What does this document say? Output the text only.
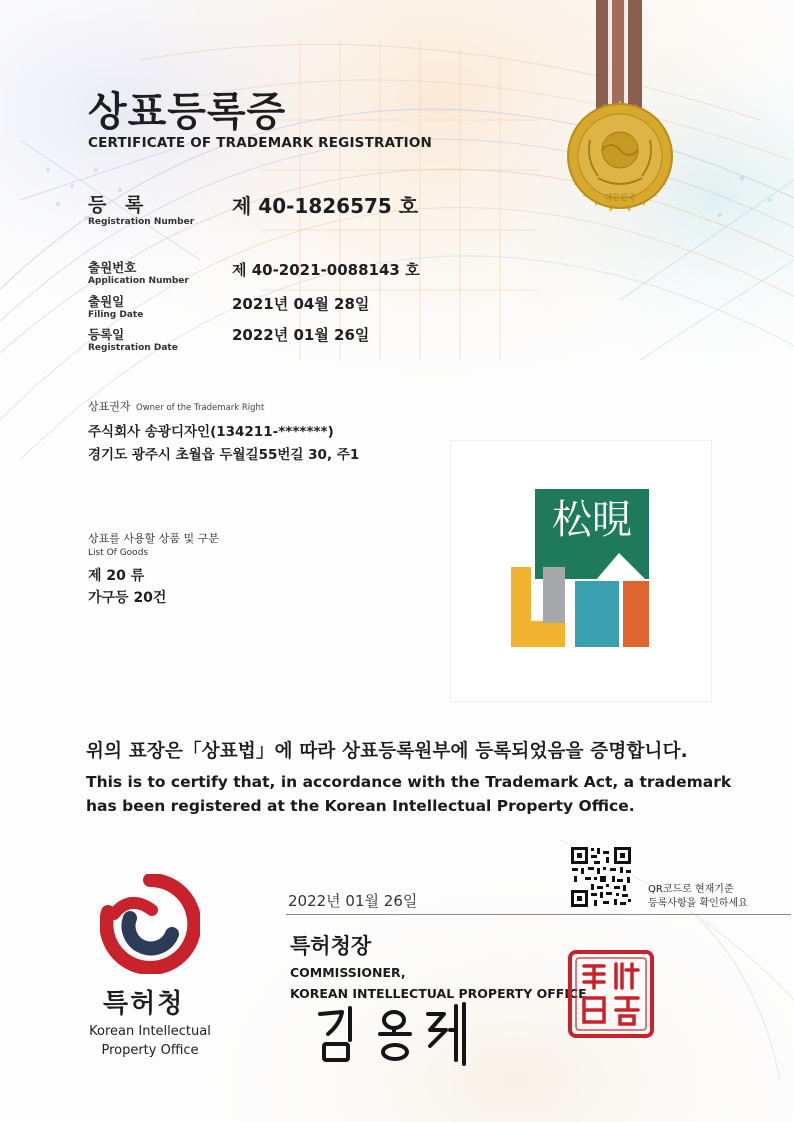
대한민국
상표등록증
CERTIFICATE OF TRADEMARK REGISTRATION
등 록
Registration Number
제 40-1826575 호
출원번호
Application Number
제 40-2021-0088143 호
출원일
Filing Date
2021년 04월 28일
등록일
Registration Date
2022년 01월 26일
상표권자 Owner of the Trademark Right
주식회사 송광디자인(134211-*******)
경기도 광주시 초월읍 두월길55번길 30, 주1
상표를 사용할 상품 및 구분
List Of Goods
제 20 류
가구등 20건
松晛
위의 표장은「상표법」에 따라 상표등록원부에 등록되었음을 증명합니다.
This is to certify that, in accordance with the Trademark Act, a trademark
has been registered at the Korean Intellectual Property Office.
QR코드로 현재기준
등록사항을 확인하세요
2022년 01월 26일
특허청장
COMMISSIONER,
KOREAN INTELLECTUAL PROPERTY OFFICE
특허청
Korean Intellectual
Property Office
